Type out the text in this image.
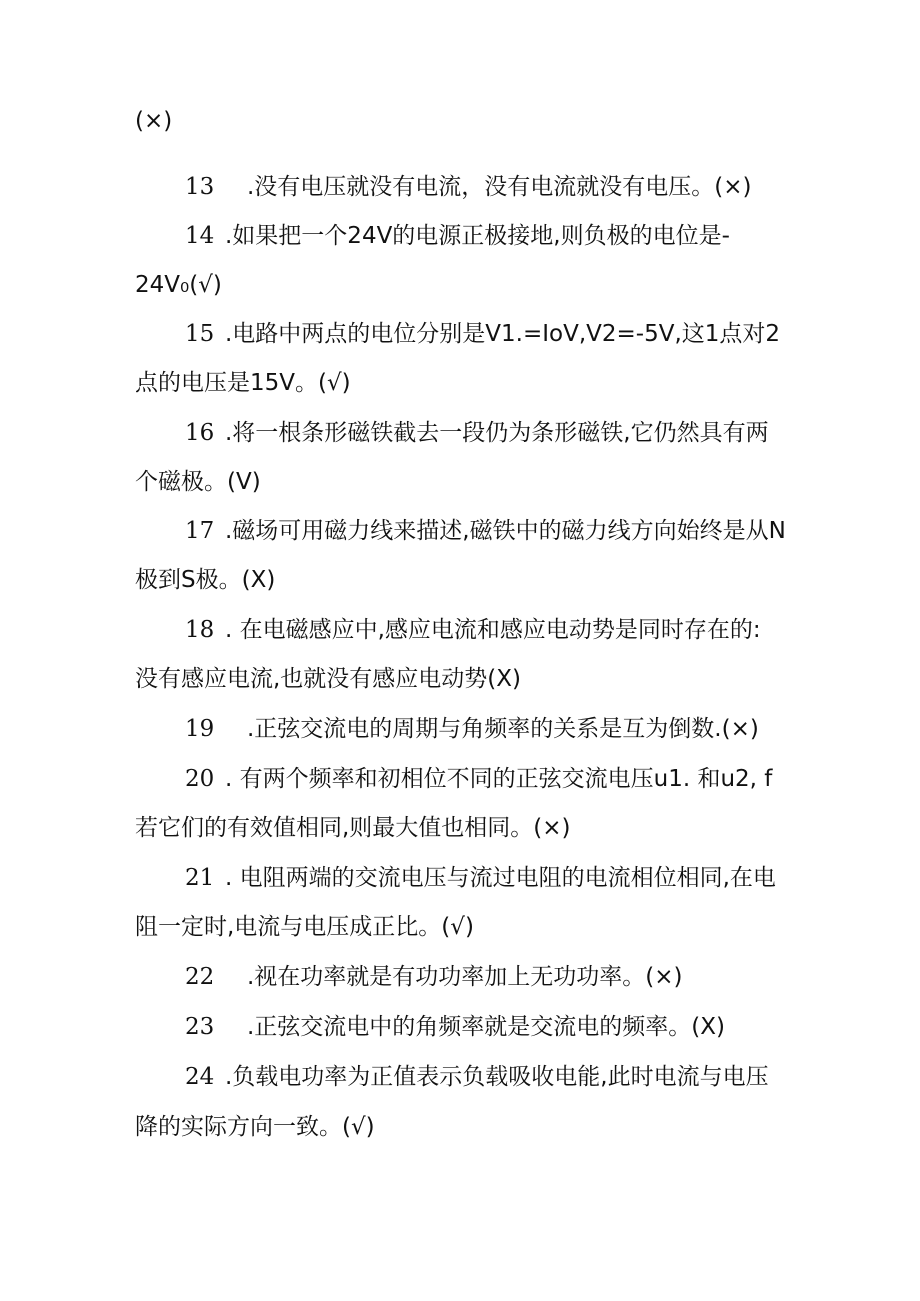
(×)
13 .没有电压就没有电流，没有电流就没有电压。(×)
14 .如果把一个24V的电源正极接地,则负极的电位是-
24V₀(√)
15 .电路中两点的电位分别是V1.=IoV,V2=-5V,这1点对2
点的电压是15V。(√)
16 .将一根条形磁铁截去一段仍为条形磁铁,它仍然具有两
个磁极。(V)
17 .磁场可用磁力线来描述,磁铁中的磁力线方向始终是从N
极到S极。(X)
18 . 在电磁感应中,感应电流和感应电动势是同时存在的:
没有感应电流,也就没有感应电动势(X)
19 .正弦交流电的周期与角频率的关系是互为倒数.(×)
20 . 有两个频率和初相位不同的正弦交流电压u1. 和u2, f
若它们的有效值相同,则最大值也相同。(×)
21 . 电阻两端的交流电压与流过电阻的电流相位相同,在电
阻一定时,电流与电压成正比。(√)
22 .视在功率就是有功功率加上无功功率。(×)
23 .正弦交流电中的角频率就是交流电的频率。(X)
24 .负载电功率为正值表示负载吸收电能,此时电流与电压
降的实际方向一致。(√)
